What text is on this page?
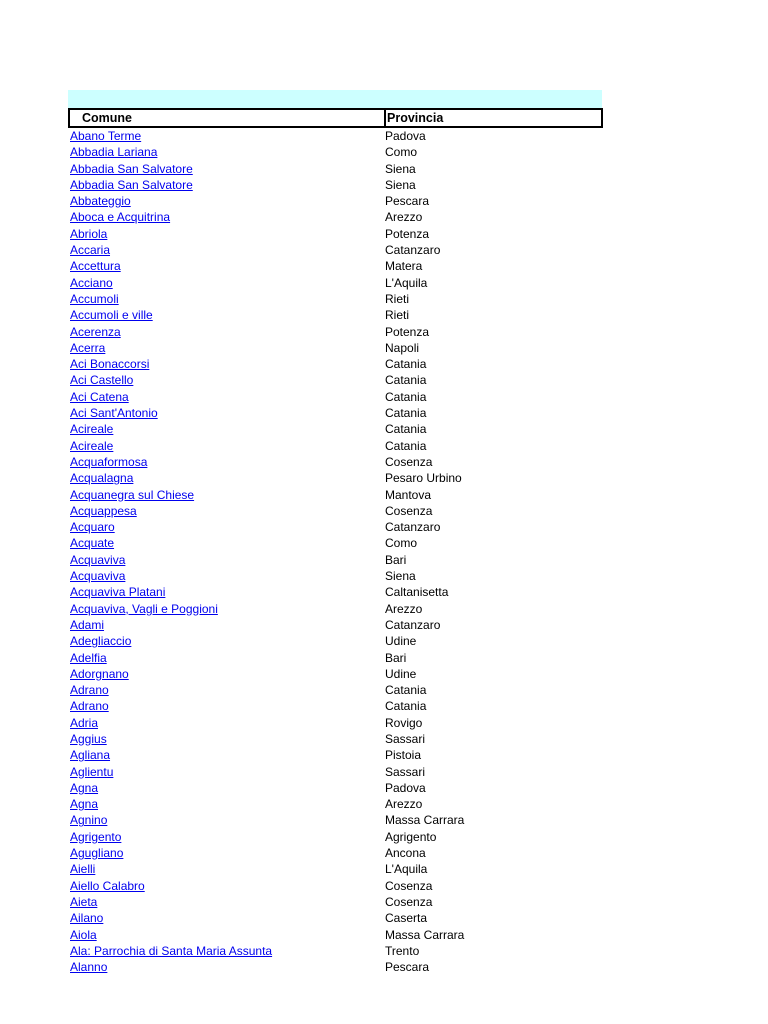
Comune	Provincia
Abano Terme	Padova
Abbadia Lariana	Como
Abbadia San Salvatore	Siena
Abbadia San Salvatore	Siena
Abbateggio	Pescara
Aboca e Acquitrina	Arezzo
Abriola	Potenza
Accaria	Catanzaro
Accettura	Matera
Acciano	L'Aquila
Accumoli	Rieti
Accumoli e ville	Rieti
Acerenza	Potenza
Acerra	Napoli
Aci Bonaccorsi	Catania
Aci Castello	Catania
Aci Catena	Catania
Aci Sant'Antonio	Catania
Acireale	Catania
Acireale	Catania
Acquaformosa	Cosenza
Acqualagna	Pesaro Urbino
Acquanegra sul Chiese	Mantova
Acquappesa	Cosenza
Acquaro	Catanzaro
Acquate	Como
Acquaviva	Bari
Acquaviva	Siena
Acquaviva Platani	Caltanisetta
Acquaviva, Vagli e Poggioni	Arezzo
Adami	Catanzaro
Adegliaccio	Udine
Adelfia	Bari
Adorgnano	Udine
Adrano	Catania
Adrano	Catania
Adria	Rovigo
Aggius	Sassari
Agliana	Pistoia
Aglientu	Sassari
Agna	Padova
Agna	Arezzo
Agnino	Massa Carrara
Agrigento	Agrigento
Agugliano	Ancona
Aielli	L'Aquila
Aiello Calabro	Cosenza
Aieta	Cosenza
Ailano	Caserta
Aiola	Massa Carrara
Ala: Parrochia di Santa Maria Assunta	Trento
Alanno	Pescara
